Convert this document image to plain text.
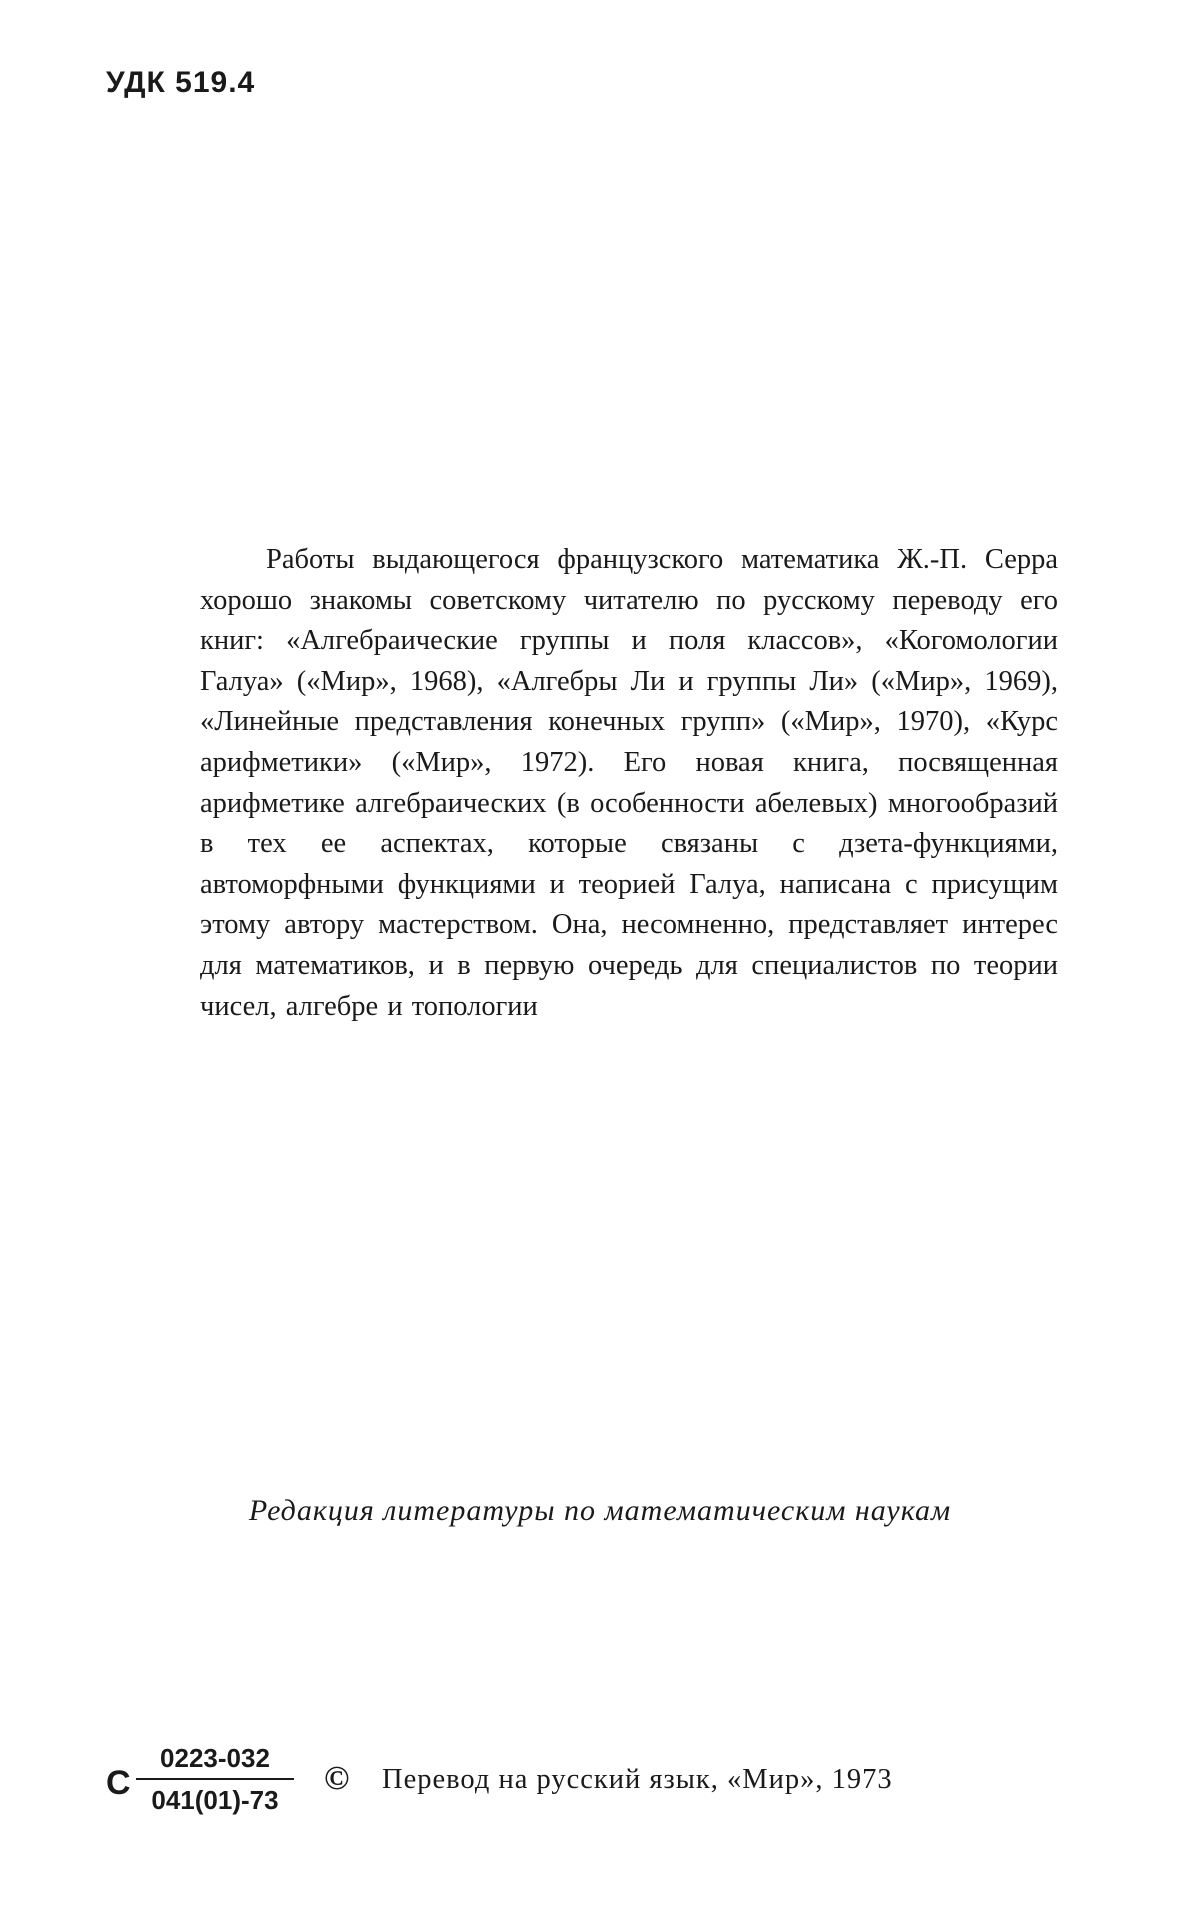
УДК 519.4

Работы выдающегося французского математика Ж.-П. Серра хорошо знакомы советскому читателю по русскому переводу его книг: «Алгебраические группы и поля классов», «Когомологии Галуа» («Мир», 1968), «Алгебры Ли и группы Ли» («Мир», 1969), «Линейные представления конечных групп» («Мир», 1970), «Курс арифметики» («Мир», 1972). Его новая книга, посвященная арифметике алгебраических (в особенности абелевых) многообразий в тех ее аспектах, которые связаны с дзета-функциями, автоморфными функциями и теорией Галуа, написана с присущим этому автору мастерством. Она, несомненно, представляет интерес для математиков, и в первую очередь для специалистов по теории чисел, алгебре и топологии

Редакция литературы по математическим наукам
С
0223-032
041(01)-73
© Перевод на русский язык, «Мир», 1973
